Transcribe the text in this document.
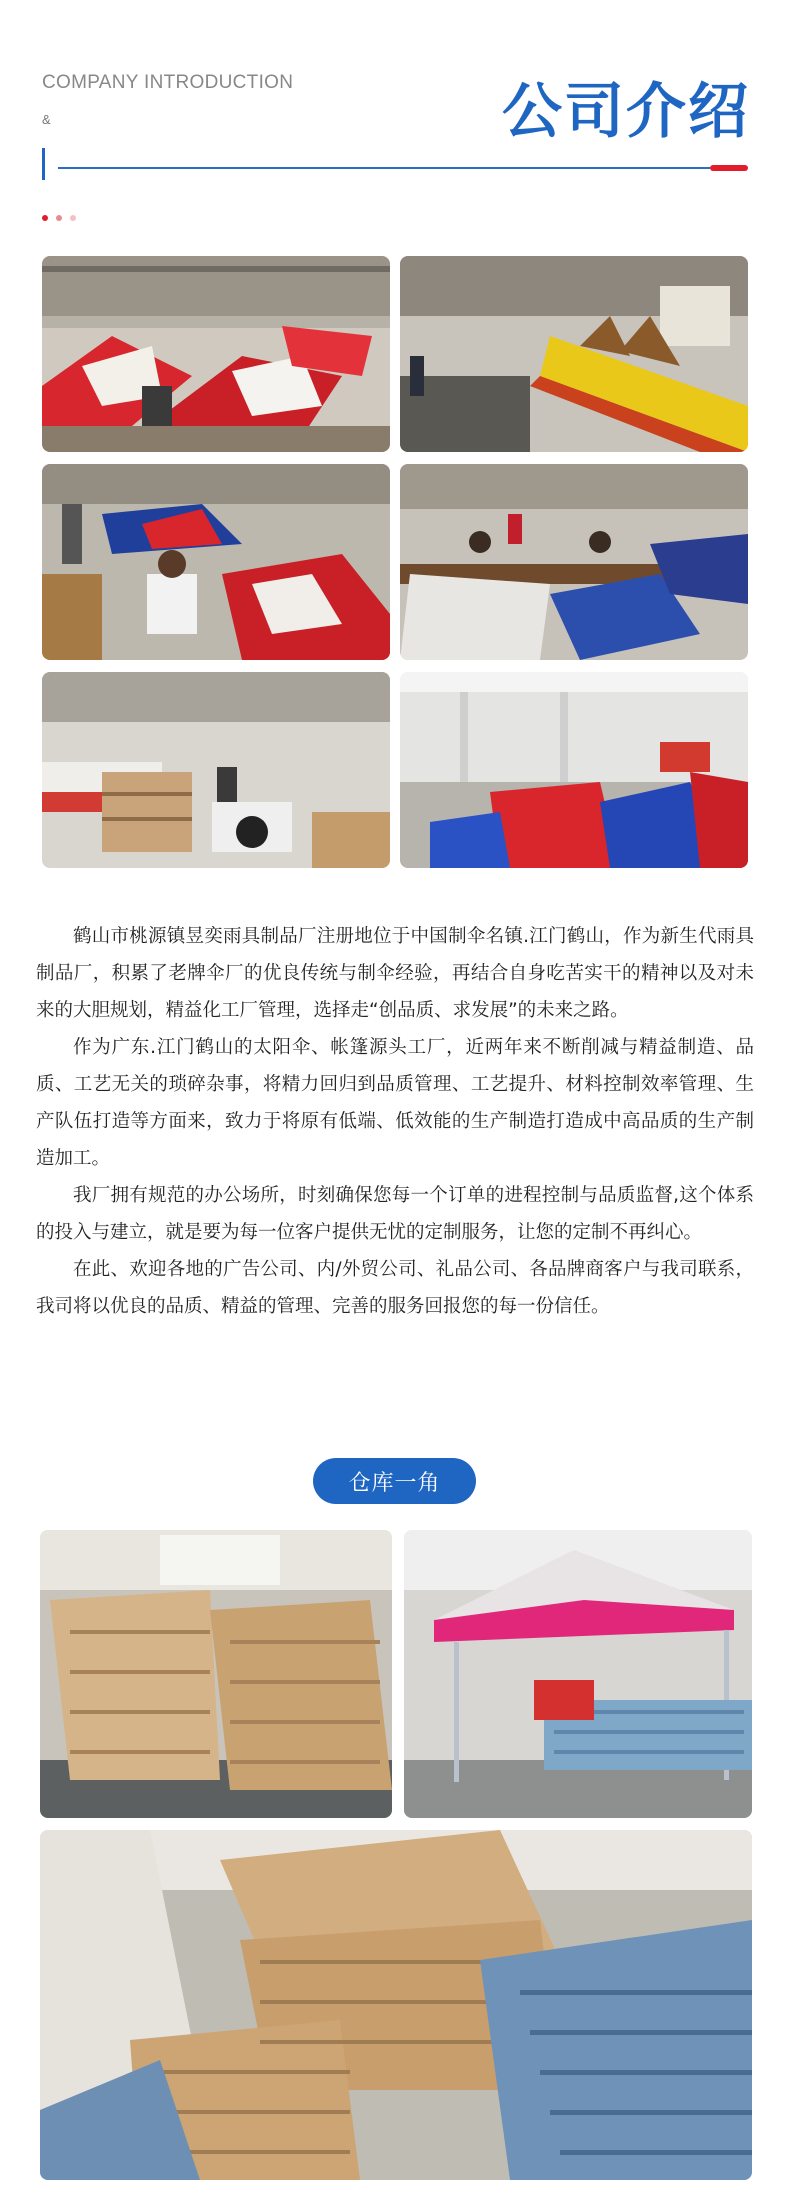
COMPANY INTRODUCTION
&	公司介绍

鹤山市桃源镇昱奕雨具制品厂注册地位于中国制伞名镇.江门鹤山，作为新生代雨具制品厂，积累了老牌伞厂的优良传统与制伞经验，再结合自身吃苦实干的精神以及对未来的大胆规划，精益化工厂管理，选择走“创品质、求发展”的未来之路。

作为广东.江门鹤山的太阳伞、帐篷源头工厂，近两年来不断削减与精益制造、品质、工艺无关的琐碎杂事，将精力回归到品质管理、工艺提升、材料控制效率管理、生产队伍打造等方面来，致力于将原有低端、低效能的生产制造打造成中高品质的生产制造加工。

我厂拥有规范的办公场所，时刻确保您每一个订单的进程控制与品质监督,这个体系的投入与建立，就是要为每一位客户提供无忧的定制服务，让您的定制不再纠心。

在此、欢迎各地的广告公司、内/外贸公司、礼品公司、各品牌商客户与我司联系，我司将以优良的品质、精益的管理、完善的服务回报您的每一份信任。

仓库一角
